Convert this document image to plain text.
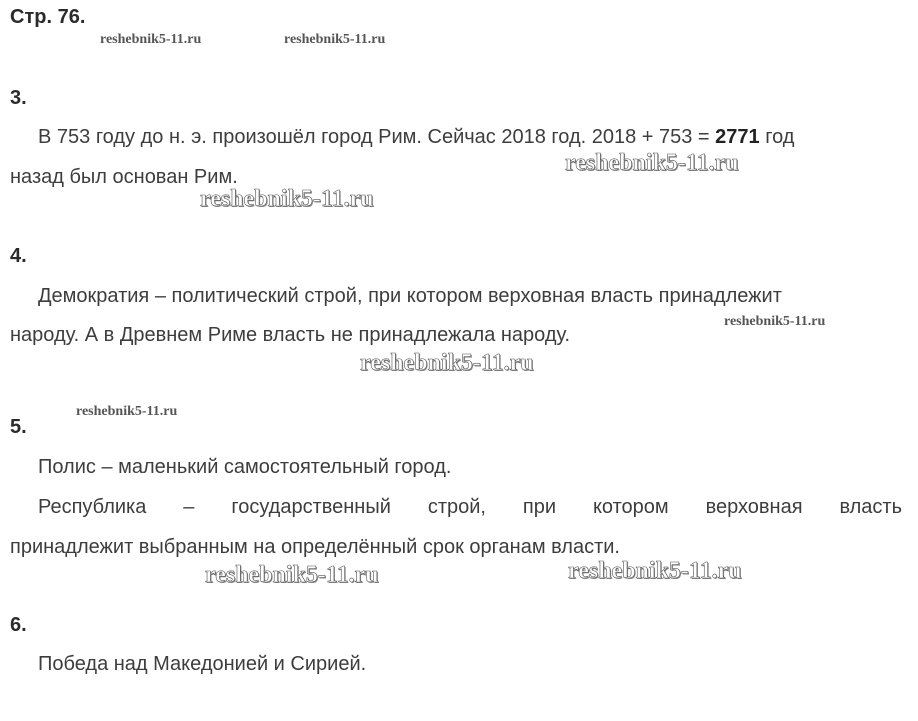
Стр. 76.
reshebnik5-11.ru	reshebnik5-11.ru
3.
В 753 году до н. э. произошёл город Рим. Сейчас 2018 год. 2018 + 753 = 2771 год
reshebnik5-11.ru
назад был основан Рим.
reshebnik5-11.ru
4.
Демократия – политический строй, при котором верховная власть принадлежит
народу. А в Древнем Риме власть не принадлежала народу.
reshebnik5-11.ru
reshebnik5-11.ru
reshebnik5-11.ru
5.
Полис – маленький самостоятельный город.
Республика – государственный строй, при котором верховная власть
принадлежит выбранным на определённый срок органам власти.
reshebnik5-11.ru	reshebnik5-11.ru
6.
Победа над Македонией и Сирией.
